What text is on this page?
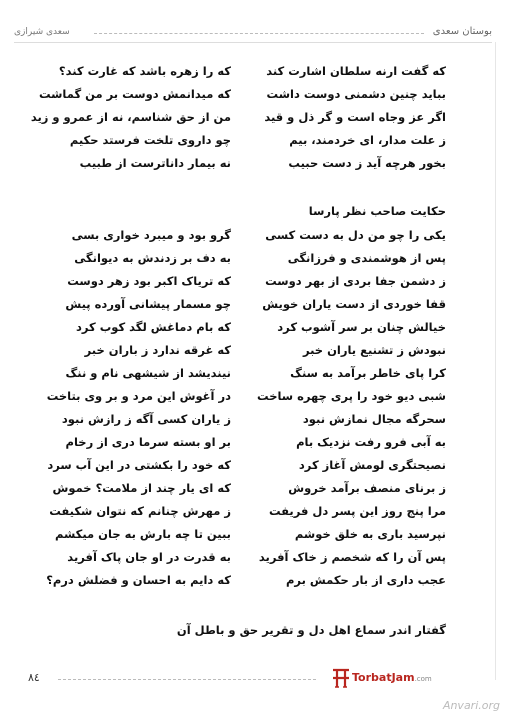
بوستان سعدی
سعدی شیرازی
که گفت ارنه سلطان اشارت کند
که را زهره باشد که غارت کند؟
ببايد چنين دشمنی دوست داشت
که میدانمش دوست بر من گماشت
اگر عز وجاه است و گر ذل و قيد
من از حق شناسم، نه از عمرو و زيد
ز علت مدار، ای خردمند، بيم
چو داروی تلخت فرستد حکيم
بخور هرچه آيد ز دست حبيب
نه بيمار داناترست از طبيب
حکايت صاحب نظر پارسا
يکی را چو من دل به دست کسی
گرو بود و میبرد خواری بسی
پس از هوشمندی و فرزانگی
به دف بر زدندش به ديوانگی
ز دشمن جفا بردی از بهر دوست
که ترياک اکبر بود زهر دوست
قفا خوردی از دست ياران خويش
چو مسمار پيشانی آورده پيش
خيالش چنان بر سر آشوب کرد
که بام دماغش لگد کوب کرد
نبودش ز تشنيع ياران خبر
که غرقه ندارد ز باران خبر
کرا پای خاطر برآمد به سنگ
نينديشد از شيشهی نام و ننگ
شبی ديو خود را پری چهره ساخت
در آغوش اين مرد و بر وی بتاخت
سحرگه مجال نمازش نبود
ز ياران کسی آگه ز رازش نبود
به آبی فرو رفت نزديک بام
بر او بسته سرما دری از رخام
نصيحتگری لومش آغاز کرد
که خود را بکشتی در اين آب سرد
ز برنای منصف برآمد خروش
که ای يار چند از ملامت؟ خموش
مرا پنج روز اين پسر دل فريفت
ز مهرش چنانم که نتوان شکيفت
نپرسيد باری به خلق خوشم
ببين تا چه بارش به جان میکشم
پس آن را که شخصم ز خاک آفريد
به قدرت در او جان پاک آفريد
عجب داری از بار حکمش برم
که دايم به احسان و فضلش درم؟
گفتار اندر سماع اهل دل و تقرير حق و باطل آن
٨٤	TorbatJam.com
Anvari.org
